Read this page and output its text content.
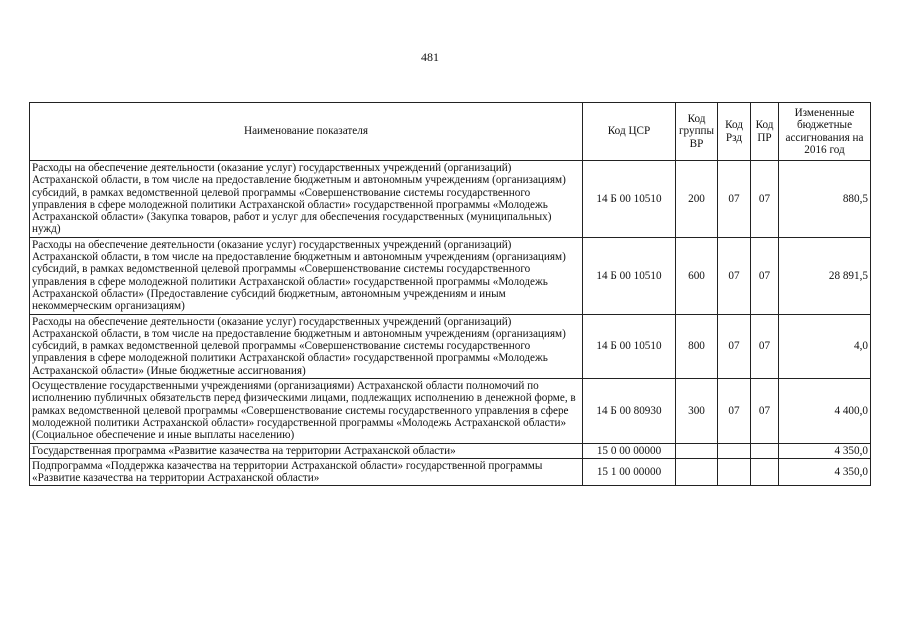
481
Наименование показателя	Код ЦСР	Код группы ВР	Код Рзд	Код ПР	Измененные бюджетные ассигнования на 2016 год
Расходы на обеспечение деятельности (оказание услуг) государственных учреждений (организаций) Астраханской области, в том числе на предоставление бюджетным и автономным учреждениям (организациям) субсидий, в рамках ведомственной целевой программы «Совершенствование системы государственного управления в сфере молодежной политики Астраханской области» государственной программы «Молодежь Астраханской области» (Закупка товаров, работ и услуг для обеспечения государственных (муниципальных) нужд)	14 Б 00 10510	200	07	07	880,5
Расходы на обеспечение деятельности (оказание услуг) государственных учреждений (организаций) Астраханской области, в том числе на предоставление бюджетным и автономным учреждениям (организациям) субсидий, в рамках ведомственной целевой программы «Совершенствование системы государственного управления в сфере молодежной политики Астраханской области» государственной программы «Молодежь Астраханской области» (Предоставление субсидий бюджетным, автономным учреждениям и иным некоммерческим организациям)	14 Б 00 10510	600	07	07	28 891,5
Расходы на обеспечение деятельности (оказание услуг) государственных учреждений (организаций) Астраханской области, в том числе на предоставление бюджетным и автономным учреждениям (организациям) субсидий, в рамках ведомственной целевой программы «Совершенствование системы государственного управления в сфере молодежной политики Астраханской области» государственной программы «Молодежь Астраханской области» (Иные бюджетные ассигнования)	14 Б 00 10510	800	07	07	4,0
Осуществление государственными учреждениями (организациями) Астраханской области полномочий по исполнению публичных обязательств перед физическими лицами, подлежащих исполнению в денежной форме, в рамках ведомственной целевой программы «Совершенствование системы государственного управления в сфере молодежной политики Астраханской области» государственной программы «Молодежь Астраханской области» (Социальное обеспечение и иные выплаты населению)	14 Б 00 80930	300	07	07	4 400,0
Государственная программа «Развитие казачества на территории Астраханской области»	15 0 00 00000				4 350,0
Подпрограмма «Поддержка казачества на территории Астраханской области» государственной программы «Развитие казачества на территории Астраханской области»	15 1 00 00000				4 350,0
